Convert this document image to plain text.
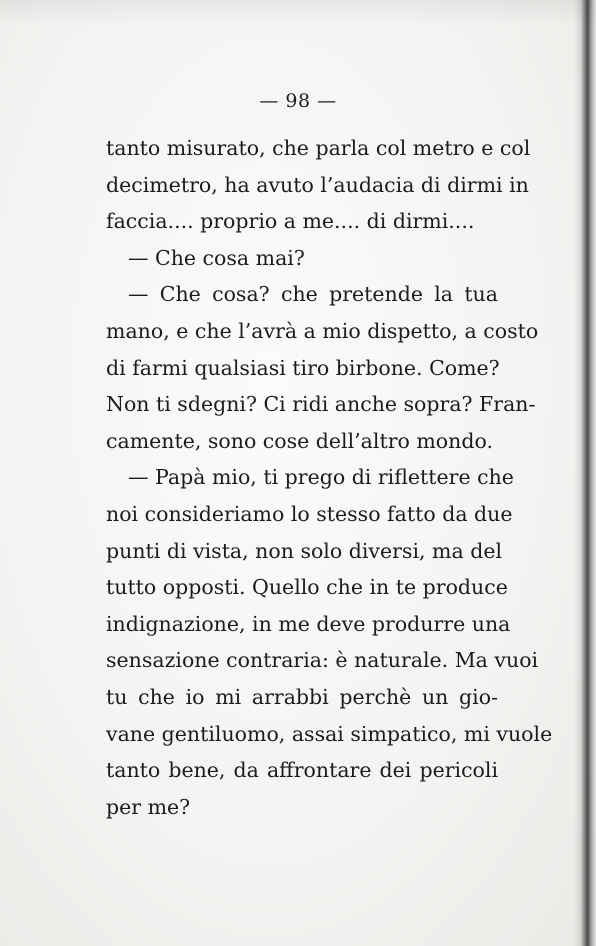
— 98 —

tanto misurato, che parla col metro e col
decimetro, ha avuto l’audacia di dirmi in
faccia.... proprio a me.... di dirmi....
— Che cosa mai?
— Che cosa? che pretende la tua
mano, e che l’avrà a mio dispetto, a costo
di farmi qualsiasi tiro birbone. Come?
Non ti sdegni? Ci ridi anche sopra? Fran-
camente, sono cose dell’altro mondo.
— Papà mio, ti prego di riflettere che
noi consideriamo lo stesso fatto da due
punti di vista, non solo diversi, ma del
tutto opposti. Quello che in te produce
indignazione, in me deve produrre una
sensazione contraria: è naturale. Ma vuoi
tu che io mi arrabbi perchè un gio-
vane gentiluomo, assai simpatico, mi vuole
tanto bene, da affrontare dei pericoli
per me?
